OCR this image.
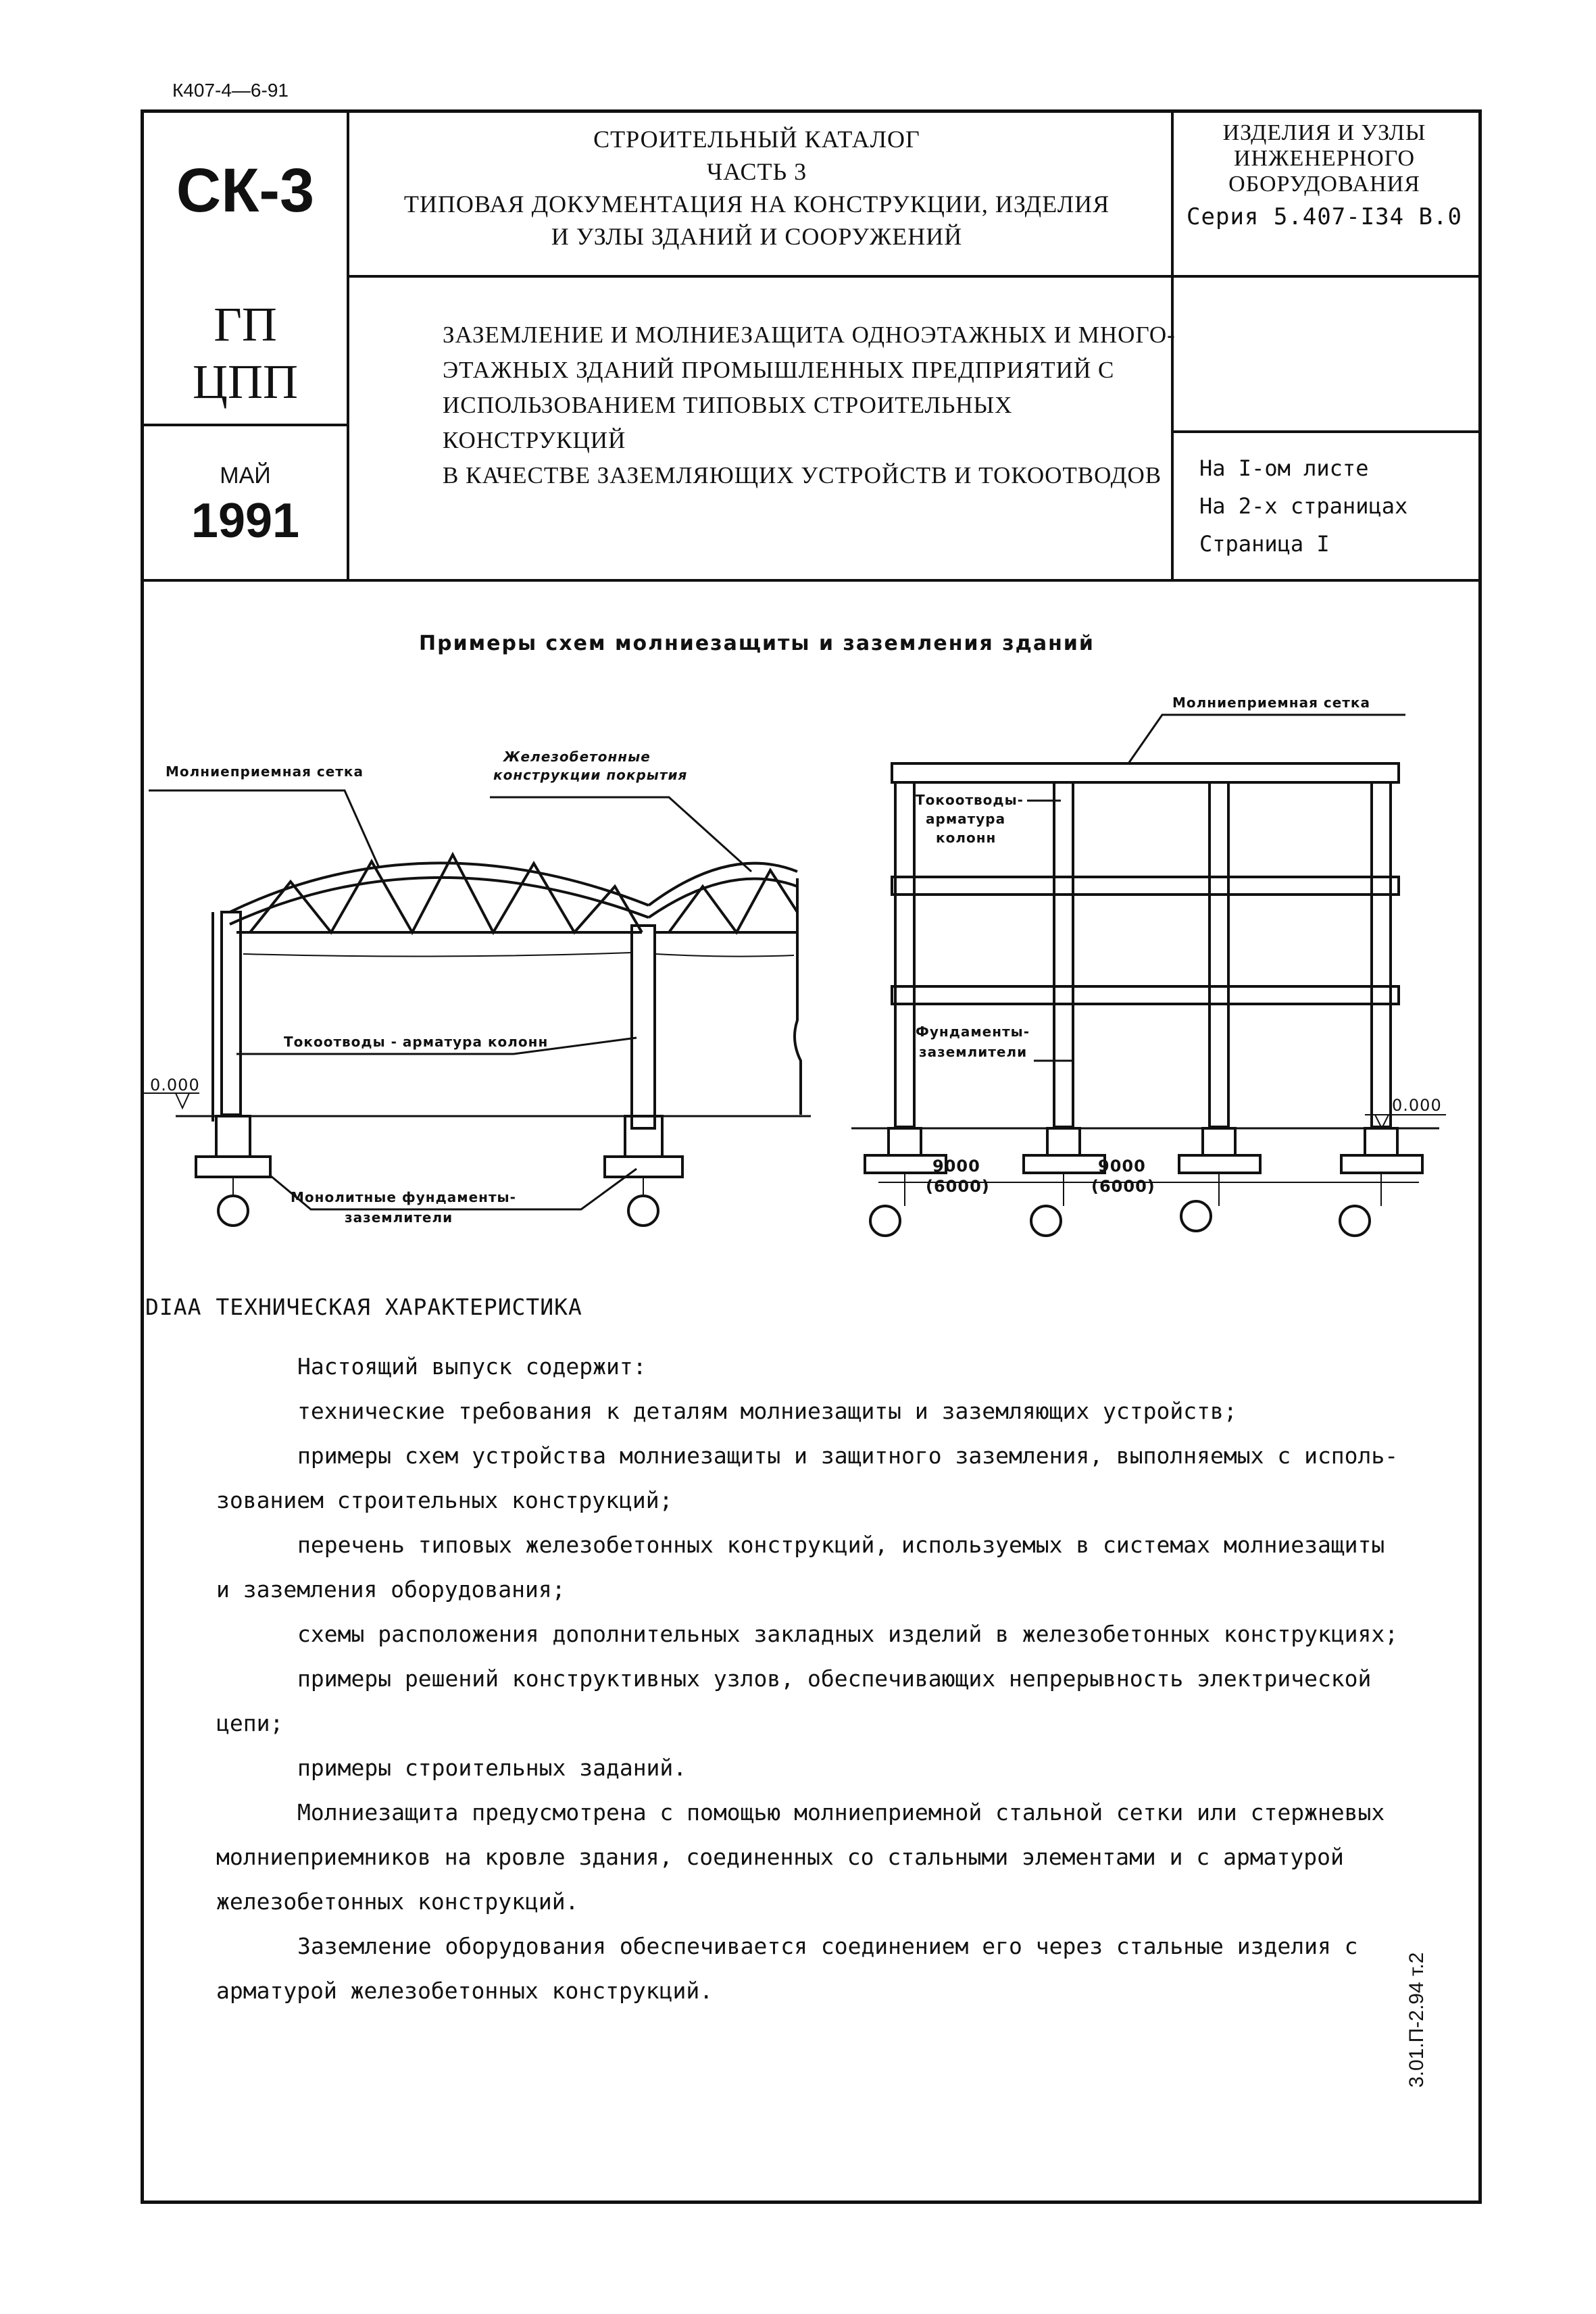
К407-4—6-91
СК-3
ГП
ЦПП
МАЙ
1991
СТРОИТЕЛЬНЫЙ КАТАЛОГ
ЧАСТЬ 3
ТИПОВАЯ ДОКУМЕНТАЦИЯ НА КОНСТРУКЦИИ, ИЗДЕЛИЯ
И УЗЛЫ ЗДАНИЙ И СООРУЖЕНИЙ
ИЗДЕЛИЯ И УЗЛЫ
ИНЖЕНЕРНОГО
ОБОРУДОВАНИЯ
Серия 5.407-I34 В.0
ЗАЗЕМЛЕНИЕ И МОЛНИЕЗАЩИТА ОДНОЭТАЖНЫХ И МНОГО-
ЭТАЖНЫХ ЗДАНИЙ ПРОМЫШЛЕННЫХ ПРЕДПРИЯТИЙ С
ИСПОЛЬЗОВАНИЕМ ТИПОВЫХ СТРОИТЕЛЬНЫХ КОНСТРУКЦИЙ
В КАЧЕСТВЕ ЗАЗЕМЛЯЮЩИХ УСТРОЙСТВ И ТОКООТВОДОВ	На I-ом листе
На 2-х страницах
Страница I
Примеры схем молниезащиты и заземления зданий
Молниеприемная сетка
Железобетонные
конструкции покрытия
Токоотводы - арматура колонн
0.000
Монолитные фундаменты-
заземлители
Молниеприемная сетка
Токоотводы-
арматура
колонн
Фундаменты-
заземлители
0.000
9000
(6000)
9000
(6000)
DIAA ТЕХНИЧЕСКАЯ ХАРАКТЕРИСТИКА
Настоящий выпуск содержит:
технические требования к деталям молниезащиты и заземляющих устройств;
примеры схем устройства молниезащиты и защитного заземления, выполняемых с исполь-
зованием строительных конструкций;
перечень типовых железобетонных конструкций, используемых в системах молниезащиты
и заземления оборудования;
схемы расположения дополнительных закладных изделий в железобетонных конструкциях;
примеры решений конструктивных узлов, обеспечивающих непрерывность электрической
цепи;
примеры строительных заданий.
Молниезащита предусмотрена с помощью молниеприемной стальной сетки или стержневых
молниеприемников на кровле здания, соединенных со стальными элементами и с арматурой
железобетонных конструкций.
Заземление оборудования обеспечивается соединением его через стальные изделия с
арматурой железобетонных конструкций.	3.01.П-2.94 т.2
